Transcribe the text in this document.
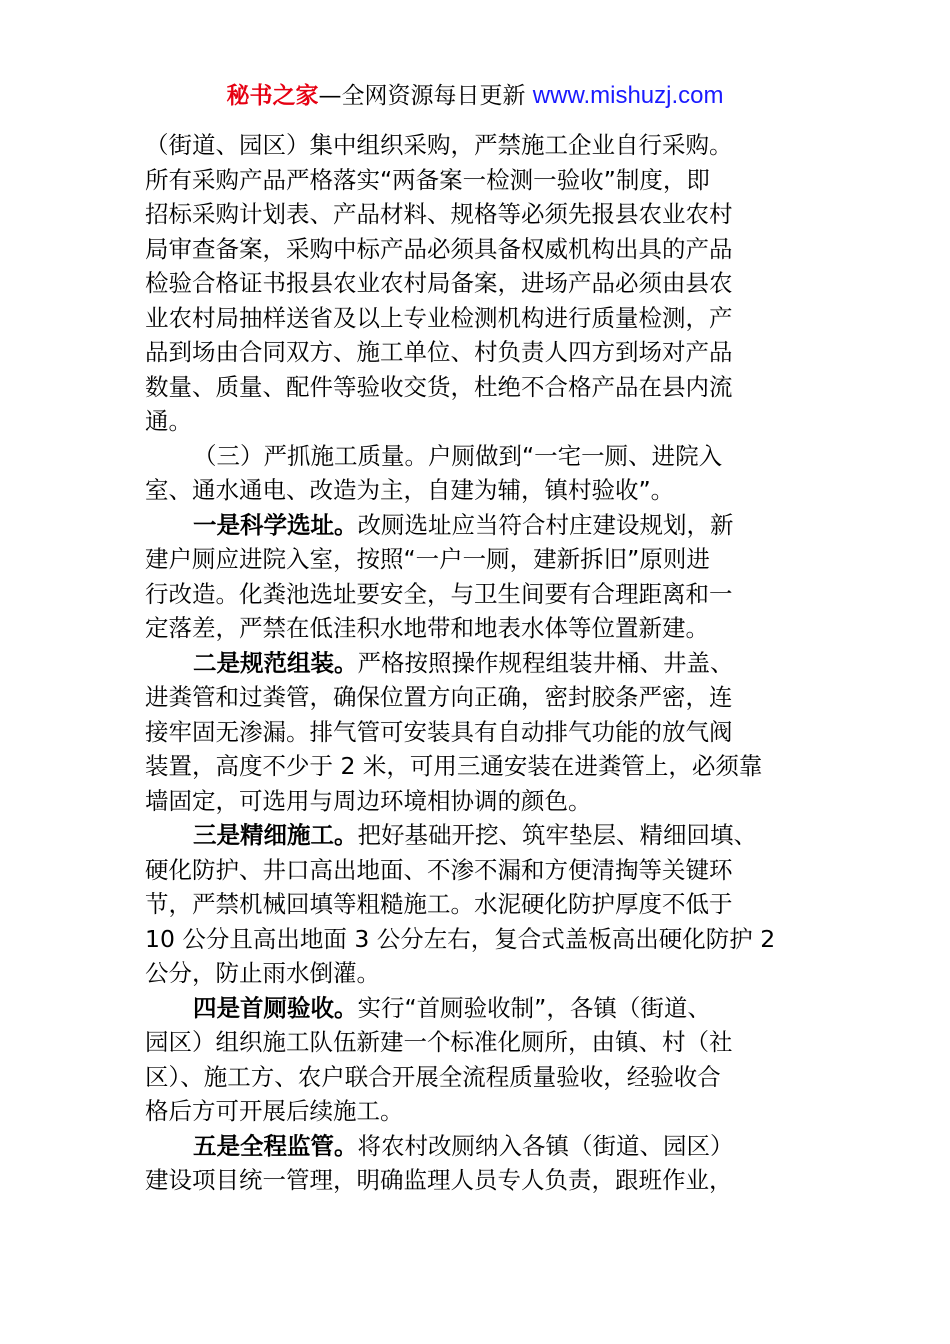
秘书之家—全网资源每日更新 www.mishuzj.com
（街道、园区）集中组织采购，严禁施工企业自行采购。
所有采购产品严格落实“两备案一检测一验收”制度，即
招标采购计划表、产品材料、规格等必须先报县农业农村
局审查备案，采购中标产品必须具备权威机构出具的产品
检验合格证书报县农业农村局备案，进场产品必须由县农
业农村局抽样送省及以上专业检测机构进行质量检测，产
品到场由合同双方、施工单位、村负责人四方到场对产品
数量、质量、配件等验收交货，杜绝不合格产品在县内流
通。
（三）严抓施工质量。户厕做到“一宅一厕、进院入
室、通水通电、改造为主，自建为辅，镇村验收”。
一是科学选址。改厕选址应当符合村庄建设规划，新
建户厕应进院入室，按照“一户一厕，建新拆旧”原则进
行改造。化粪池选址要安全，与卫生间要有合理距离和一
定落差，严禁在低洼积水地带和地表水体等位置新建。
二是规范组装。严格按照操作规程组装井桶、井盖、
进粪管和过粪管，确保位置方向正确，密封胶条严密，连
接牢固无渗漏。排气管可安装具有自动排气功能的放气阀
装置，高度不少于 2 米，可用三通安装在进粪管上，必须靠
墙固定，可选用与周边环境相协调的颜色。
三是精细施工。把好基础开挖、筑牢垫层、精细回填、
硬化防护、井口高出地面、不渗不漏和方便清掏等关键环
节，严禁机械回填等粗糙施工。水泥硬化防护厚度不低于
10 公分且高出地面 3 公分左右，复合式盖板高出硬化防护 2
公分，防止雨水倒灌。
四是首厕验收。实行“首厕验收制”，各镇（街道、
园区）组织施工队伍新建一个标准化厕所，由镇、村（社
区）、施工方、农户联合开展全流程质量验收，经验收合
格后方可开展后续施工。
五是全程监管。将农村改厕纳入各镇（街道、园区）
建设项目统一管理，明确监理人员专人负责，跟班作业，
